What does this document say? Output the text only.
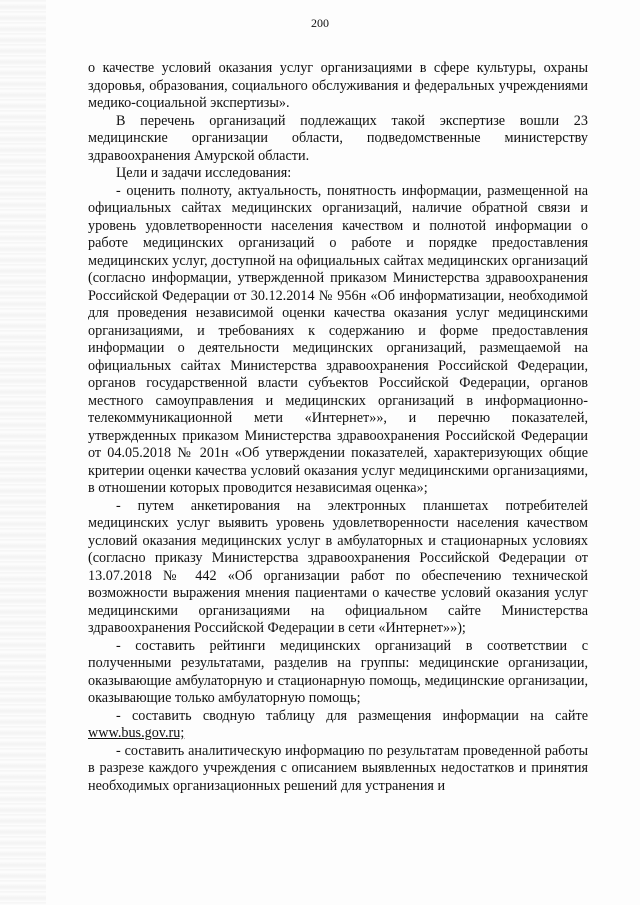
200

о качестве условий оказания услуг организациями в сфере культуры, охраны здоровья, образования, социального обслуживания и федеральных учреждениями медико-социальной экспертизы».

В перечень организаций подлежащих такой экспертизе вошли 23 медицинские организации области, подведомственные министерству здравоохранения Амурской области.

Цели и задачи исследования:

- оценить полноту, актуальность, понятность информации, размещенной на официальных сайтах медицинских организаций, наличие обратной связи и уровень удовлетворенности населения качеством и полнотой информации о работе медицинских организаций о работе и порядке предоставления медицинских услуг, доступной на официальных сайтах медицинских организаций (согласно информации, утвержденной приказом Министерства здравоохранения Российской Федерации от 30.12.2014 № 956н «Об информатизации, необходимой для проведения независимой оценки качества оказания услуг медицинскими организациями, и требованиях к содержанию и форме предоставления информации о деятельности медицинских организаций, размещаемой на официальных сайтах Министерства здравоохранения Российской Федерации, органов государственной власти субъектов Российской Федерации, органов местного самоуправления и медицинских организаций в информационно-телекоммуникационной мети «Интернет»», и перечню показателей, утвержденных приказом Министерства здравоохранения Российской Федерации от 04.05.2018 № 201н «Об утверждении показателей, характеризующих общие критерии оценки качества условий оказания услуг медицинскими организациями, в отношении которых проводится независимая оценка»;

- путем анкетирования на электронных планшетах потребителей медицинских услуг выявить уровень удовлетворенности населения качеством условий оказания медицинских услуг в амбулаторных и стационарных условиях (согласно приказу Министерства здравоохранения Российской Федерации от 13.07.2018 № 442 «Об организации работ по обеспечению технической возможности выражения мнения пациентами о качестве условий оказания услуг медицинскими организациями на официальном сайте Министерства здравоохранения Российской Федерации в сети «Интернет»»);

- составить рейтинги медицинских организаций в соответствии с полученными результатами, разделив на группы: медицинские организации, оказывающие амбулаторную и стационарную помощь, медицинские организации, оказывающие только амбулаторную помощь;

- составить сводную таблицу для размещения информации на сайте www.bus.gov.ru;

- составить аналитическую информацию по результатам проведенной работы в разрезе каждого учреждения с описанием выявленных недостатков и принятия необходимых организационных решений для устранения и
